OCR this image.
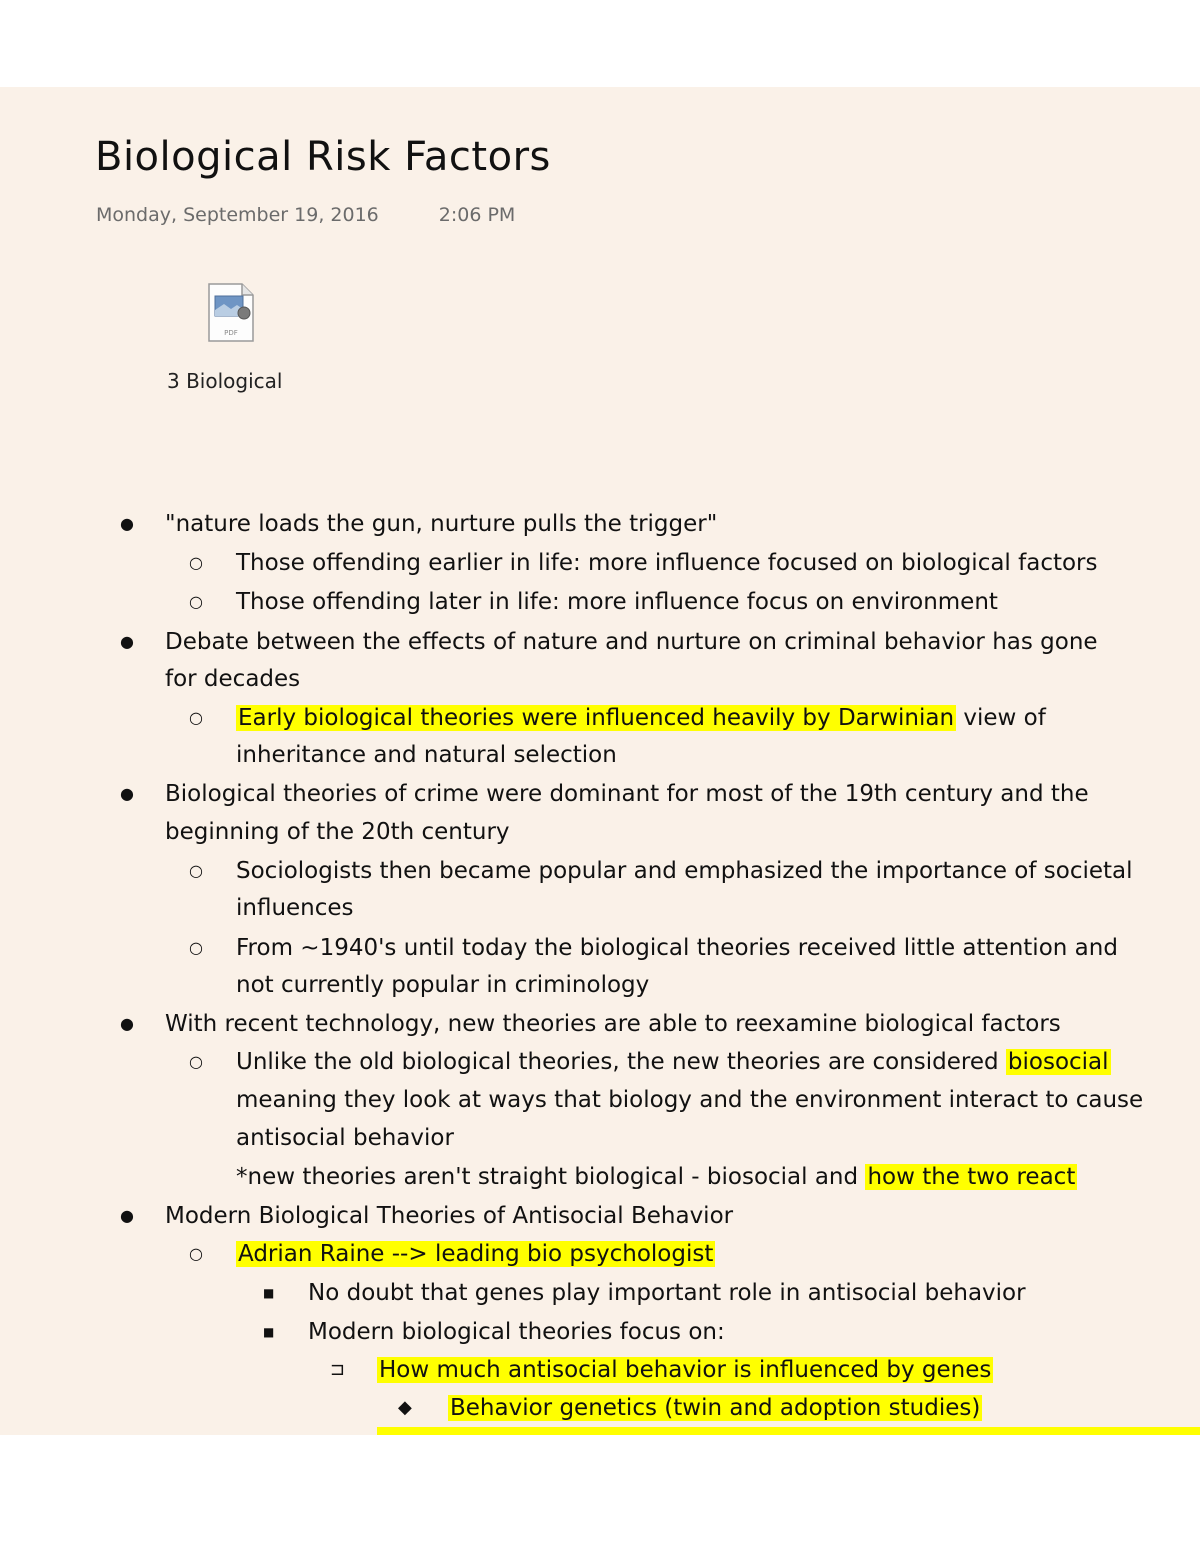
Biological Risk Factors
Monday, September 19, 2016	2:06 PM
PDF
3 Biological
● "nature loads the gun, nurture pulls the trigger"
○ Those offending earlier in life: more influence focused on biological factors
○ Those offending later in life: more influence focus on environment
● Debate between the effects of nature and nurture on criminal behavior has gone
for decades
○ Early biological theories were influenced heavily by Darwinian view of
inheritance and natural selection
● Biological theories of crime were dominant for most of the 19th century and the
beginning of the 20th century
○ Sociologists then became popular and emphasized the importance of societal
influences
○ From ~1940's until today the biological theories received little attention and
not currently popular in criminology
● With recent technology, new theories are able to reexamine biological factors
○ Unlike the old biological theories, the new theories are considered biosocial
meaning they look at ways that biology and the environment interact to cause
antisocial behavior
*new theories aren't straight biological - biosocial and how the two react
● Modern Biological Theories of Antisocial Behavior
○ Adrian Raine --> leading bio psychologist
■ No doubt that genes play important role in antisocial behavior
■ Modern biological theories focus on:
⊐ How much antisocial behavior is influenced by genes
◆ Behavior genetics (twin and adoption studies)
